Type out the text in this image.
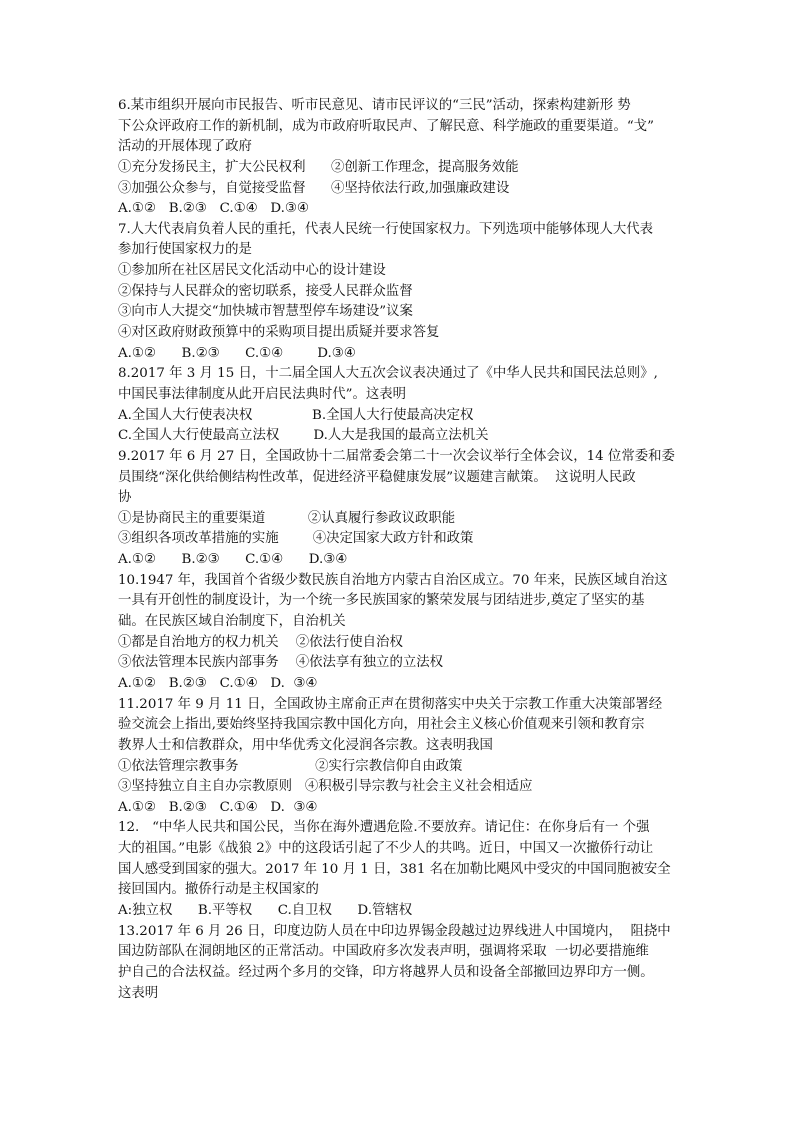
6.某市组织开展向市民报告、听市民意见、请市民评议的“三民”活动，探索构建新形 势
下公众评政府工作的新机制，成为市政府听取民声、了解民意、科学施政的重要渠道。“戈”
活动的开展体现了政府
①充分发扬民主，扩大公民权利      ②创新工作理念，提高服务效能
③加强公众参与，自觉接受监督      ④坚持依法行政,加强廉政建设
A.①②   B.②③   C.①④   D.③④
7.人大代表肩负着人民的重托，代表人民统一行使国家权力。下列选项中能够体现人大代表
参加行使国家权力的是
①参加所在社区居民文化活动中心的设计建设
②保持与人民群众的密切联系，接受人民群众监督
③向市人大提交“加快城市智慧型停车场建设”议案
④对区政府财政预算中的采购项目提出质疑并要求答复
A.①②      B.②③      C.①④        D.③④
8.2017 年 3 月 15 日，十二届全国人大五次会议表决通过了《中华人民共和国民法总则》,
中国民事法律制度从此开启民法典时代”。这表明
A.全国人大行使表决权              B.全国人大行使最高决定权
C.全国人大行使最高立法权        D.人大是我国的最高立法机关
9.2017 年 6 月 27 日，全国政协十二届常委会第二十一次会议举行全体会议，14 位常委和委
员围绕“深化供给侧结构性改革，促进经济平稳健康发展”议题建言献策。  这说明人民政
协
①是协商民主的重要渠道          ②认真履行参政议政职能
③组织各项改革措施的实施        ④决定国家大政方针和政策
A.①②      B.②③      C.①④      D.③④
10.1947 年，我国首个省级少数民族自治地方内蒙古自治区成立。70 年来，民族区域自治这
一具有开创性的制度设计，为一个统一多民族国家的繁荣发展与团结进步,奠定了坚实的基
础。在民族区域自治制度下，自治机关
①都是自治地方的权力机关    ②依法行使自治权
③依法管理本民族内部事务    ④依法享有独立的立法权
A.①②   B.②③   C.①④   D.  ③④
11.2017 年 9 月 11 日，全国政协主席俞正声在贯彻落实中央关于宗教工作重大决策部署经
验交流会上指出,要始终坚持我国宗教中国化方向，用社会主义核心价值观来引领和教育宗
教界人士和信教群众，用中华优秀文化浸润各宗教。这表明我国
①依法管理宗教事务                  ②实行宗教信仰自由政策
③坚持独立自主自办宗教原则   ④积极引导宗教与社会主义社会相适应
A.①②   B.②③   C.①④   D.  ③④
12.   “中华人民共和国公民，当你在海外遭遇危险.不要放弃。请记住：在你身后有一 个强
大的祖国。”电影《战狼 2》中的这段话引起了不少人的共鸣。近日，中国又一次撤侨行动让
国人感受到国家的强大。2017 年 10 月 1 日，381 名在加勒比飓风中受灾的中国同胞被安全
接回国内。撤侨行动是主权国家的
A:独立权      B.平等权      C.自卫权      D.管辖权
13.2017 年 6 月 26 日，印度边防人员在中印边界锡金段越过边界线进人中国境内，  阻挠中
国边防部队在洞朗地区的正常活动。中国政府多次发表声明，强调将采取  一切必要措施维
护自己的合法权益。经过两个多月的交锋，印方将越界人员和设备全部撤回边界印方一侧。
这表明
